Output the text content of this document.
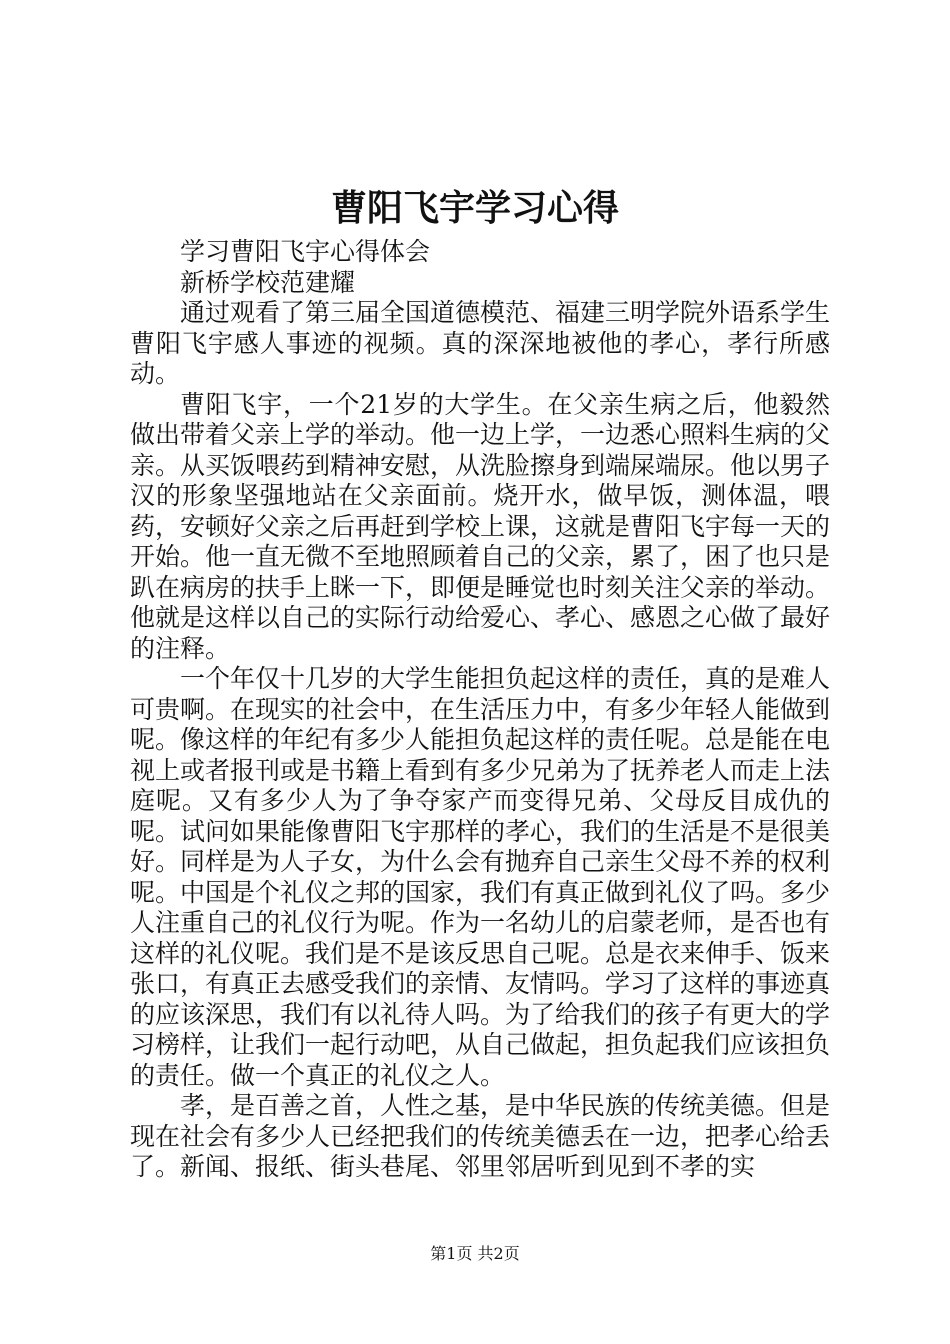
曹阳飞宇学习心得

学习曹阳飞宇心得体会

新桥学校范建耀

通过观看了第三届全国道德模范、福建三明学院外语系学生曹阳飞宇感人事迹的视频。真的深深地被他的孝心，孝行所感动。

曹阳飞宇，一个21岁的大学生。在父亲生病之后，他毅然做出带着父亲上学的举动。他一边上学，一边悉心照料生病的父亲。从买饭喂药到精神安慰，从洗脸擦身到端屎端尿。他以男子汉的形象坚强地站在父亲面前。烧开水，做早饭，测体温，喂药，安顿好父亲之后再赶到学校上课，这就是曹阳飞宇每一天的开始。他一直无微不至地照顾着自己的父亲，累了，困了也只是趴在病房的扶手上眯一下，即便是睡觉也时刻关注父亲的举动。他就是这样以自己的实际行动给爱心、孝心、感恩之心做了最好的注释。

一个年仅十几岁的大学生能担负起这样的责任，真的是难人可贵啊。在现实的社会中，在生活压力中，有多少年轻人能做到呢。像这样的年纪有多少人能担负起这样的责任呢。总是能在电视上或者报刊或是书籍上看到有多少兄弟为了抚养老人而走上法庭呢。又有多少人为了争夺家产而变得兄弟、父母反目成仇的呢。试问如果能像曹阳飞宇那样的孝心，我们的生活是不是很美好。同样是为人子女，为什么会有抛弃自己亲生父母不养的权利呢。中国是个礼仪之邦的国家，我们有真正做到礼仪了吗。多少人注重自己的礼仪行为呢。作为一名幼儿的启蒙老师，是否也有这样的礼仪呢。我们是不是该反思自己呢。总是衣来伸手、饭来张口，有真正去感受我们的亲情、友情吗。学习了这样的事迹真的应该深思，我们有以礼待人吗。为了给我们的孩子有更大的学习榜样，让我们一起行动吧，从自己做起，担负起我们应该担负的责任。做一个真正的礼仪之人。

孝，是百善之首，人性之基，是中华民族的传统美德。但是现在社会有多少人已经把我们的传统美德丢在一边，把孝心给丢了。新闻、报纸、街头巷尾、邻里邻居听到见到不孝的实

第1页 共2页
